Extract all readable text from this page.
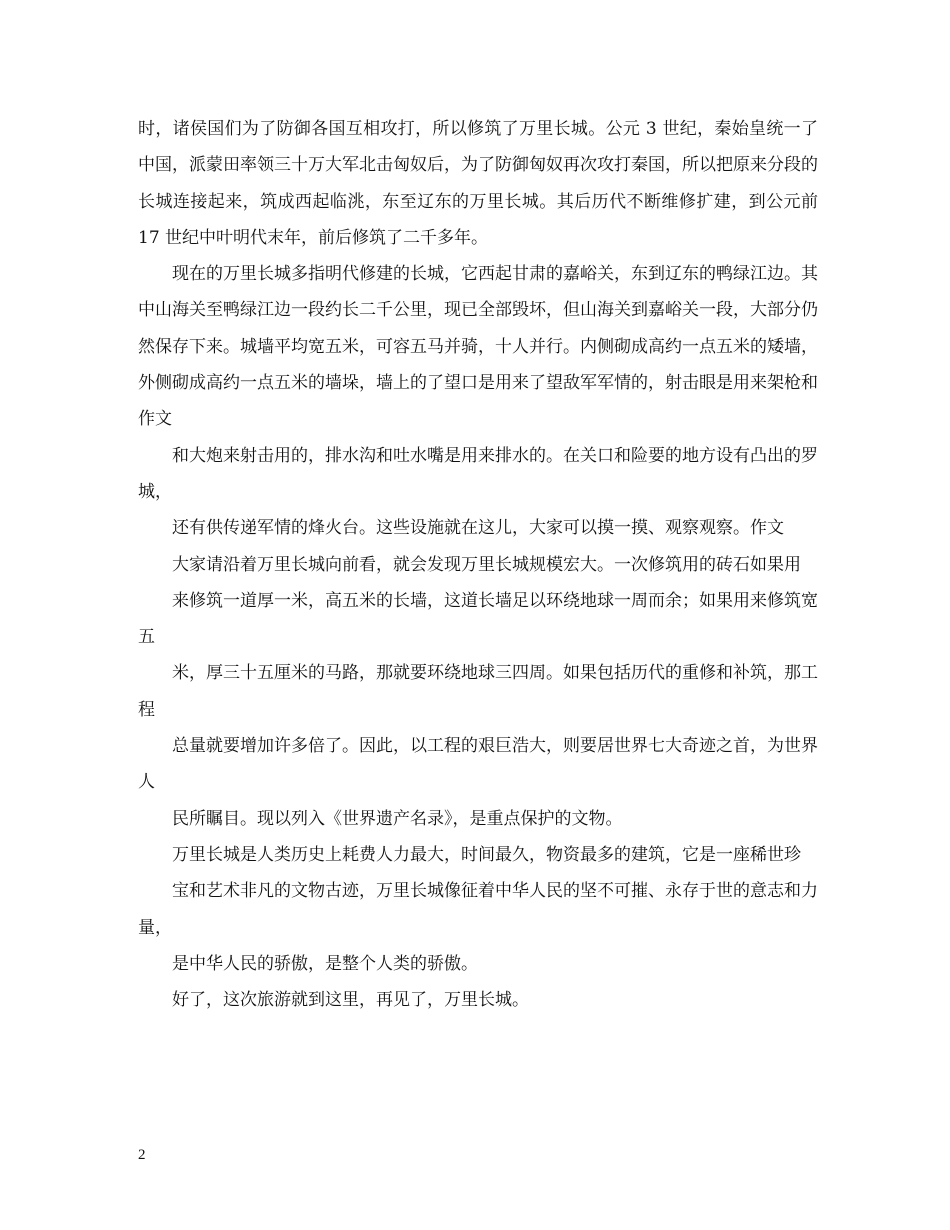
时，诸侯国们为了防御各国互相攻打，所以修筑了万里长城。公元 3 世纪，秦始皇统一了中国，派蒙田率领三十万大军北击匈奴后，为了防御匈奴再次攻打秦国，所以把原来分段的长城连接起来，筑成西起临洮，东至辽东的万里长城。其后历代不断维修扩建，到公元前 17 世纪中叶明代末年，前后修筑了二千多年。

现在的万里长城多指明代修建的长城，它西起甘肃的嘉峪关，东到辽东的鸭绿江边。其中山海关至鸭绿江边一段约长二千公里，现已全部毁坏，但山海关到嘉峪关一段，大部分仍然保存下来。城墙平均宽五米，可容五马并骑，十人并行。内侧砌成高约一点五米的矮墙，外侧砌成高约一点五米的墙垛，墙上的了望口是用来了望敌军军情的，射击眼是用来架枪和作文

和大炮来射击用的，排水沟和吐水嘴是用来排水的。在关口和险要的地方设有凸出的罗城，

还有供传递军情的烽火台。这些设施就在这儿，大家可以摸一摸、观察观察。作文

大家请沿着万里长城向前看，就会发现万里长城规模宏大。一次修筑用的砖石如果用

来修筑一道厚一米，高五米的长墙，这道长墙足以环绕地球一周而余；如果用来修筑宽五

米，厚三十五厘米的马路，那就要环绕地球三四周。如果包括历代的重修和补筑，那工程

总量就要增加许多倍了。因此，以工程的艰巨浩大，则要居世界七大奇迹之首，为世界人

民所瞩目。现以列入《世界遗产名录》，是重点保护的文物。

万里长城是人类历史上耗费人力最大，时间最久，物资最多的建筑，它是一座稀世珍

宝和艺术非凡的文物古迹，万里长城像征着中华人民的坚不可摧、永存于世的意志和力量，

是中华人民的骄傲，是整个人类的骄傲。

好了，这次旅游就到这里，再见了，万里长城。

2
